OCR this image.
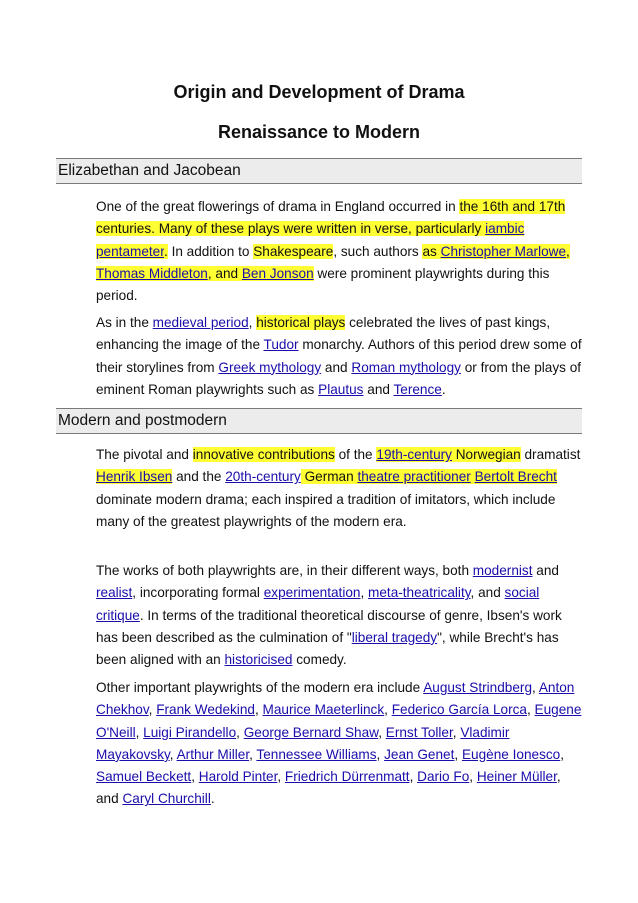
Origin and Development of Drama
Renaissance to Modern
Elizabethan and Jacobean

One of the great flowerings of drama in England occurred in the 16th and 17th centuries. Many of these plays were written in verse, particularly iambic pentameter. In addition to Shakespeare, such authors as Christopher Marlowe, Thomas Middleton, and Ben Jonson were prominent playwrights during this period.

As in the medieval period, historical plays celebrated the lives of past kings, enhancing the image of the Tudor monarchy. Authors of this period drew some of their storylines from Greek mythology and Roman mythology or from the plays of eminent Roman playwrights such as Plautus and Terence.

Modern and postmodern

The pivotal and innovative contributions of the 19th-century Norwegian dramatist Henrik Ibsen and the 20th-century German theatre practitioner Bertolt Brecht dominate modern drama; each inspired a tradition of imitators, which include many of the greatest playwrights of the modern era.

The works of both playwrights are, in their different ways, both modernist and realist, incorporating formal experimentation, meta-theatricality, and social critique. In terms of the traditional theoretical discourse of genre, Ibsen's work has been described as the culmination of "liberal tragedy", while Brecht's has been aligned with an historicised comedy.

Other important playwrights of the modern era include August Strindberg, Anton Chekhov, Frank Wedekind, Maurice Maeterlinck, Federico García Lorca, Eugene O'Neill, Luigi Pirandello, George Bernard Shaw, Ernst Toller, Vladimir Mayakovsky, Arthur Miller, Tennessee Williams, Jean Genet, Eugène Ionesco, Samuel Beckett, Harold Pinter, Friedrich Dürrenmatt, Dario Fo, Heiner Müller, and Caryl Churchill.
